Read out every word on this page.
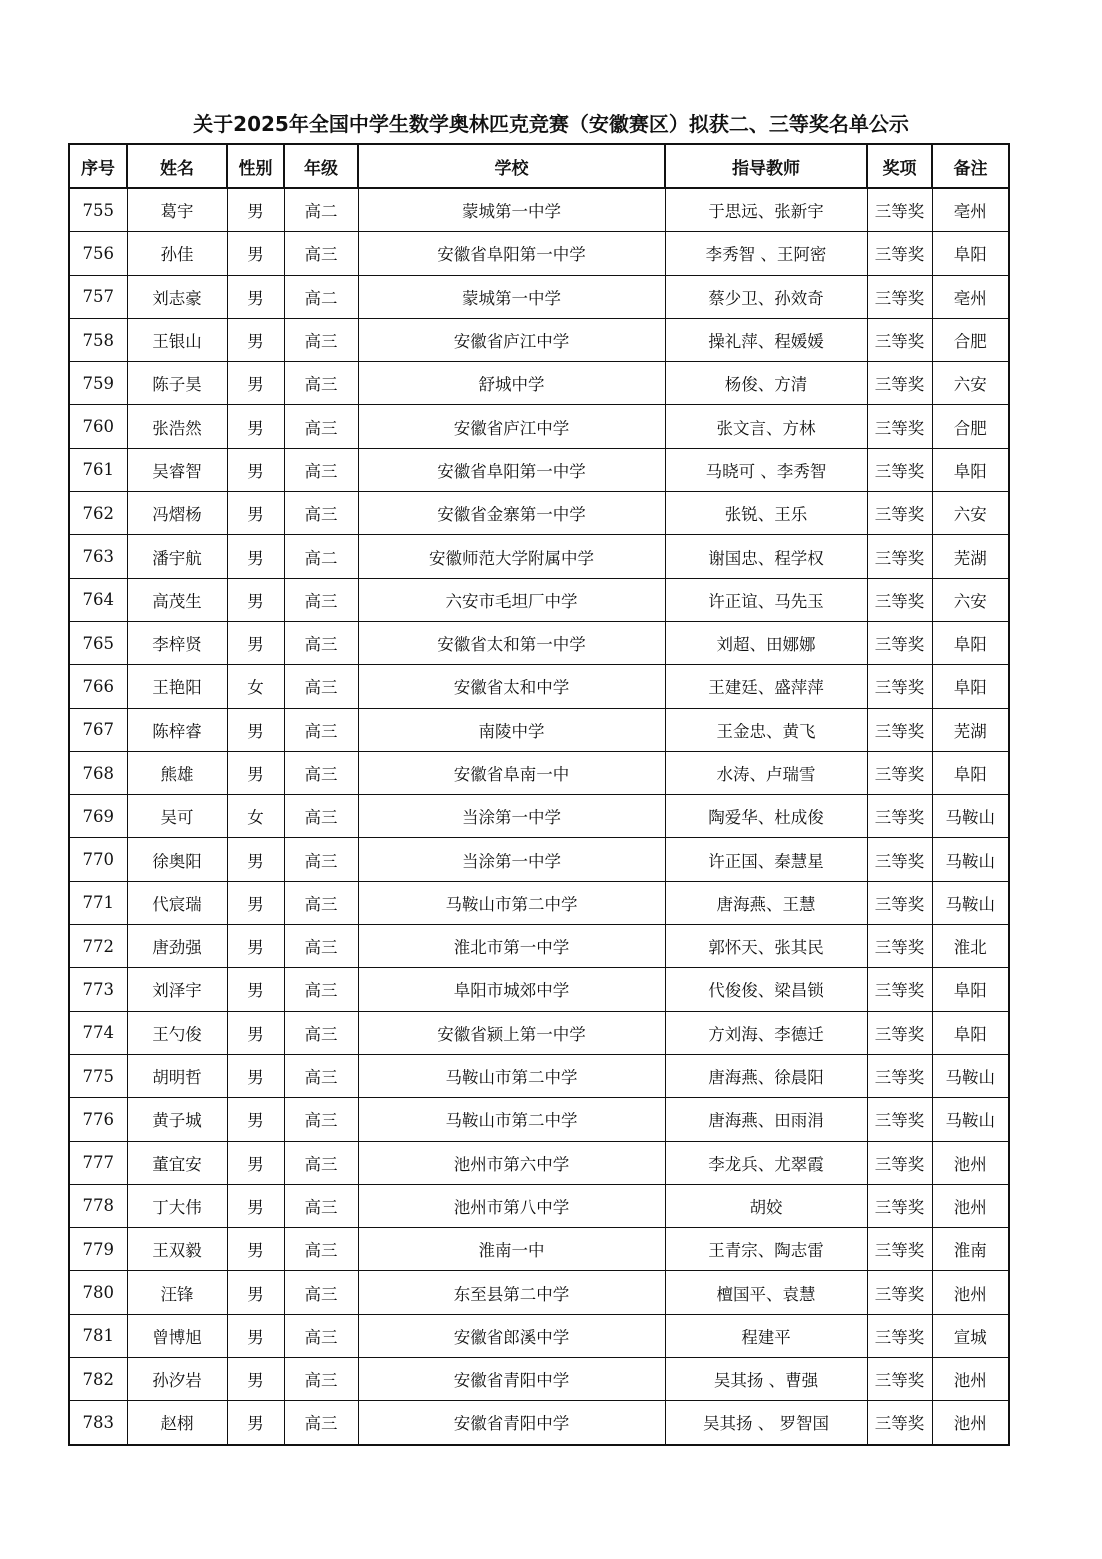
关于2025年全国中学生数学奥林匹克竞赛（安徽赛区）拟获二、三等奖名单公示
序号	姓名	性别	年级	学校	指导教师	奖项	备注
755	葛宇	男	高二	蒙城第一中学	于思远、张新宇	三等奖	亳州
756	孙佳	男	高三	安徽省阜阳第一中学	李秀智 、王阿密	三等奖	阜阳
757	刘志豪	男	高二	蒙城第一中学	蔡少卫、孙效奇	三等奖	亳州
758	王银山	男	高三	安徽省庐江中学	操礼萍、程媛媛	三等奖	合肥
759	陈子昊	男	高三	舒城中学	杨俊、方清	三等奖	六安
760	张浩然	男	高三	安徽省庐江中学	张文言、方林	三等奖	合肥
761	吴睿智	男	高三	安徽省阜阳第一中学	马晓可 、李秀智	三等奖	阜阳
762	冯熠杨	男	高三	安徽省金寨第一中学	张锐、王乐	三等奖	六安
763	潘宇航	男	高二	安徽师范大学附属中学	谢国忠、程学权	三等奖	芜湖
764	高茂生	男	高三	六安市毛坦厂中学	许正谊、马先玉	三等奖	六安
765	李梓贤	男	高三	安徽省太和第一中学	刘超、田娜娜	三等奖	阜阳
766	王艳阳	女	高三	安徽省太和中学	王建廷、盛萍萍	三等奖	阜阳
767	陈梓睿	男	高三	南陵中学	王金忠、黄飞	三等奖	芜湖
768	熊雄	男	高三	安徽省阜南一中	水涛、卢瑞雪	三等奖	阜阳
769	吴可	女	高三	当涂第一中学	陶爱华、杜成俊	三等奖	马鞍山
770	徐奥阳	男	高三	当涂第一中学	许正国、秦慧星	三等奖	马鞍山
771	代宸瑞	男	高三	马鞍山市第二中学	唐海燕、王慧	三等奖	马鞍山
772	唐劲强	男	高三	淮北市第一中学	郭怀天、张其民	三等奖	淮北
773	刘泽宇	男	高三	阜阳市城郊中学	代俊俊、梁昌锁	三等奖	阜阳
774	王勺俊	男	高三	安徽省颍上第一中学	方刘海、李德迁	三等奖	阜阳
775	胡明哲	男	高三	马鞍山市第二中学	唐海燕、徐晨阳	三等奖	马鞍山
776	黄子城	男	高三	马鞍山市第二中学	唐海燕、田雨涓	三等奖	马鞍山
777	董宜安	男	高三	池州市第六中学	李龙兵、尤翠霞	三等奖	池州
778	丁大伟	男	高三	池州市第八中学	胡姣	三等奖	池州
779	王双毅	男	高三	淮南一中	王青宗、陶志雷	三等奖	淮南
780	汪锋	男	高三	东至县第二中学	檀国平、袁慧	三等奖	池州
781	曾博旭	男	高三	安徽省郎溪中学	程建平	三等奖	宣城
782	孙汐岩	男	高三	安徽省青阳中学	吴其扬 、曹强	三等奖	池州
783	赵栩	男	高三	安徽省青阳中学	吴其扬 、 罗智国	三等奖	池州
